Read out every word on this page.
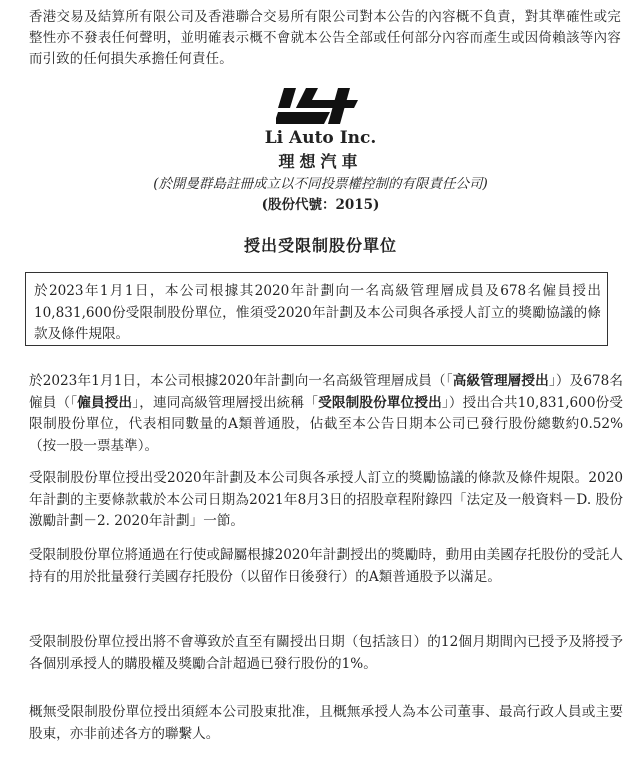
香港交易及結算所有限公司及香港聯合交易所有限公司對本公告的內容概不負責，對其準確性或完整性亦不發表任何聲明，並明確表示概不會就本公告全部或任何部分內容而產生或因倚賴該等內容而引致的任何損失承擔任何責任。
Li Auto Inc.
理想汽車
(於開曼群島註冊成立以不同投票權控制的有限責任公司)
(股份代號：2015)
授出受限制股份單位

於2023年1月1日，本公司根據其2020年計劃向一名高級管理層成員及678名僱員授出10,831,600份受限制股份單位，惟須受2020年計劃及本公司與各承授人訂立的獎勵協議的條款及條件規限。

於2023年1月1日，本公司根據2020年計劃向一名高級管理層成員（「高級管理層授出」）及678名僱員（「僱員授出」，連同高級管理層授出統稱「受限制股份單位授出」）授出合共10,831,600份受限制股份單位，代表相同數量的A類普通股，佔截至本公告日期本公司已發行股份總數約0.52%（按一股一票基準）。

受限制股份單位授出受2020年計劃及本公司與各承授人訂立的獎勵協議的條款及條件規限。2020年計劃的主要條款載於本公司日期為2021年8月3日的招股章程附錄四「法定及一般資料－D. 股份激勵計劃－2. 2020年計劃」一節。

受限制股份單位將通過在行使或歸屬根據2020年計劃授出的獎勵時，動用由美國存托股份的受託人持有的用於批量發行美國存托股份（以留作日後發行）的A類普通股予以滿足。

受限制股份單位授出將不會導致於直至有關授出日期（包括該日）的12個月期間內已授予及將授予各個別承授人的購股權及獎勵合計超過已發行股份的1%。

概無受限制股份單位授出須經本公司股東批准，且概無承授人為本公司董事、最高行政人員或主要股東，亦非前述各方的聯繫人。
